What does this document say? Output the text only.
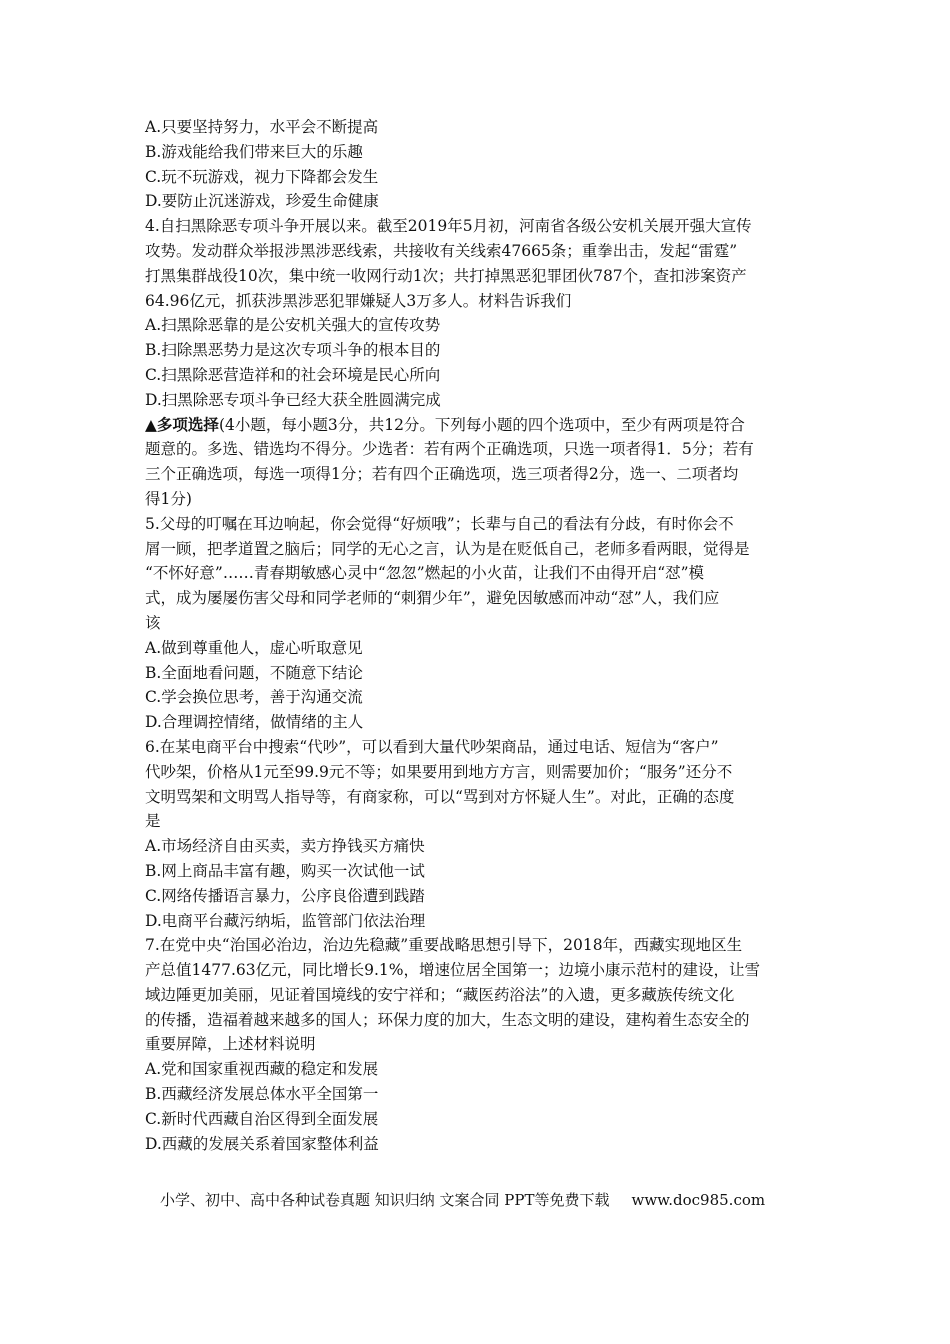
A.只要坚持努力，水平会不断提高
B.游戏能给我们带来巨大的乐趣
C.玩不玩游戏，视力下降都会发生
D.要防止沉迷游戏，珍爱生命健康
4.自扫黑除恶专项斗争开展以来。截至2019年5月初，河南省各级公安机关展开强大宣传
攻势。发动群众举报涉黑涉恶线索，共接收有关线索47665条；重拳出击，发起“雷霆”
打黑集群战役10次，集中统一收网行动1次；共打掉黑恶犯罪团伙787个，查扣涉案资产
64.96亿元，抓获涉黑涉恶犯罪嫌疑人3万多人。材料告诉我们
A.扫黑除恶靠的是公安机关强大的宣传攻势
B.扫除黑恶势力是这次专项斗争的根本目的
C.扫黑除恶营造祥和的社会环境是民心所向
D.扫黑除恶专项斗争已经大获全胜圆满完成
▲多项选择(4小题，每小题3分，共12分。下列每小题的四个选项中，至少有两项是符合
题意的。多选、错选均不得分。少选者：若有两个正确选项，只选一项者得1．5分；若有
三个正确选项，每选一项得1分；若有四个正确选项，选三项者得2分，选一、二项者均
得1分)
5.父母的叮嘱在耳边响起，你会觉得“好烦哦”；长辈与自己的看法有分歧，有时你会不
屑一顾，把孝道置之脑后；同学的无心之言，认为是在贬低自己，老师多看两眼，觉得是
“不怀好意”……青春期敏感心灵中“忽忽”燃起的小火苗，让我们不由得开启“怼”模
式，成为屡屡伤害父母和同学老师的“刺猬少年”，避免因敏感而冲动“怼”人，我们应
该
A.做到尊重他人，虚心听取意见
B.全面地看问题，不随意下结论
C.学会换位思考，善于沟通交流
D.合理调控情绪，做情绪的主人
6.在某电商平台中搜索“代吵”，可以看到大量代吵架商品，通过电话、短信为“客户”
代吵架，价格从1元至99.9元不等；如果要用到地方方言，则需要加价；“服务”还分不
文明骂架和文明骂人指导等，有商家称，可以“骂到对方怀疑人生”。对此，正确的态度
是
A.市场经济自由买卖，卖方挣钱买方痛快
B.网上商品丰富有趣，购买一次试他一试
C.网络传播语言暴力，公序良俗遭到践踏
D.电商平台藏污纳垢，监管部门依法治理
7.在党中央“治国必治边，治边先稳藏”重要战略思想引导下，2018年，西藏实现地区生
产总值1477.63亿元，同比增长9.1%，增速位居全国第一；边境小康示范村的建设，让雪
域边陲更加美丽，见证着国境线的安宁祥和；“藏医药浴法”的入遗，更多藏族传统文化
的传播，造福着越来越多的国人；环保力度的加大，生态文明的建设，建构着生态安全的
重要屏障，上述材料说明
A.党和国家重视西藏的稳定和发展
B.西藏经济发展总体水平全国第一
C.新时代西藏自治区得到全面发展
D.西藏的发展关系着国家整体利益
小学、初中、高中各种试卷真题 知识归纳 文案合同 PPT等免费下载 www.doc985.com
